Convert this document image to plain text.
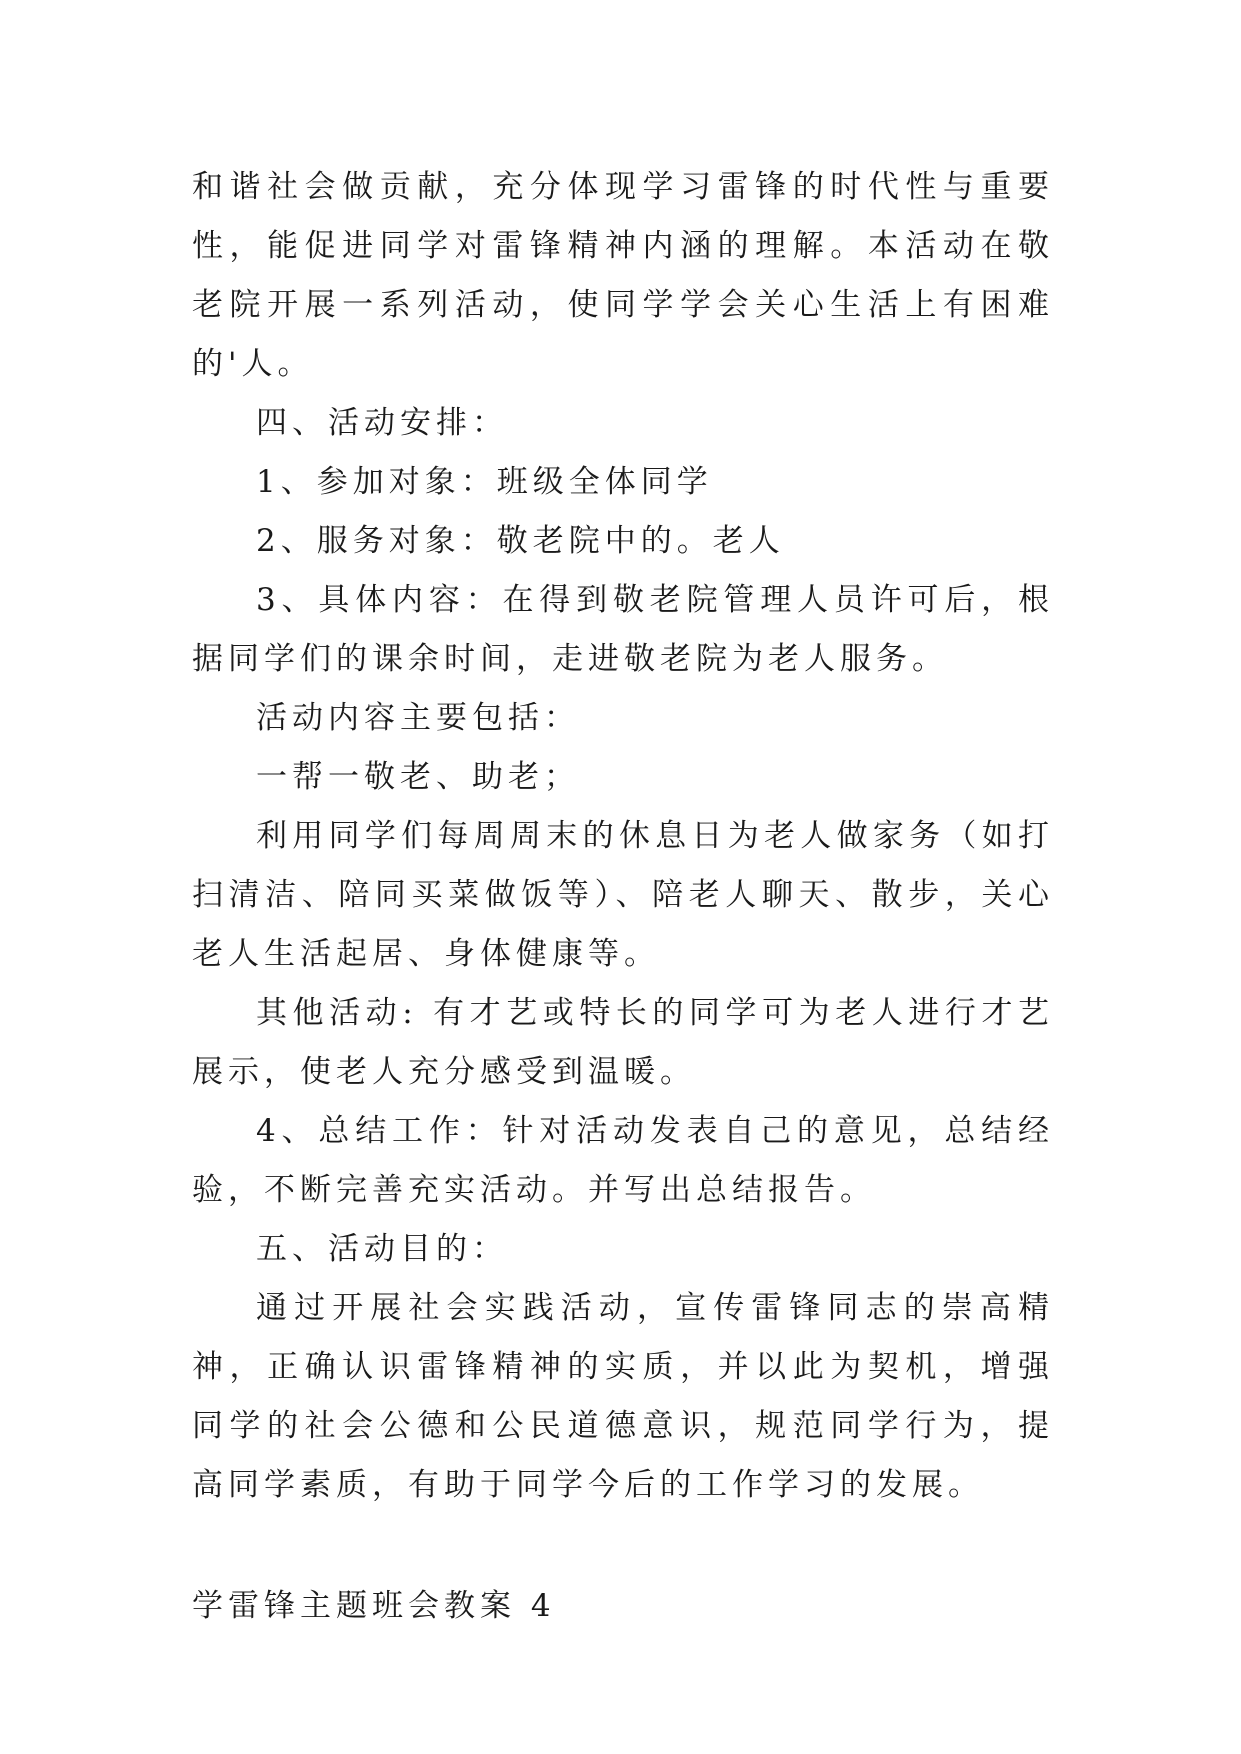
和谐社会做贡献，充分体现学习雷锋的时代性与重要性，能促进同学对雷锋精神内涵的理解。本活动在敬老院开展一系列活动，使同学学会关心生活上有困难的'人。

四、活动安排：

1、参加对象：班级全体同学

2、服务对象：敬老院中的。老人

3、具体内容：在得到敬老院管理人员许可后，根据同学们的课余时间，走进敬老院为老人服务。

活动内容主要包括：

一帮一敬老、助老；

利用同学们每周周末的休息日为老人做家务（如打扫清洁、陪同买菜做饭等）、陪老人聊天、散步，关心老人生活起居、身体健康等。

其他活动: 有才艺或特长的同学可为老人进行才艺展示，使老人充分感受到温暖。

4、总结工作：针对活动发表自己的意见，总结经验，不断完善充实活动。并写出总结报告。

五、活动目的：

通过开展社会实践活动，宣传雷锋同志的崇高精神，正确认识雷锋精神的实质，并以此为契机，增强同学的社会公德和公民道德意识，规范同学行为，提高同学素质，有助于同学今后的工作学习的发展。

学雷锋主题班会教案 4
